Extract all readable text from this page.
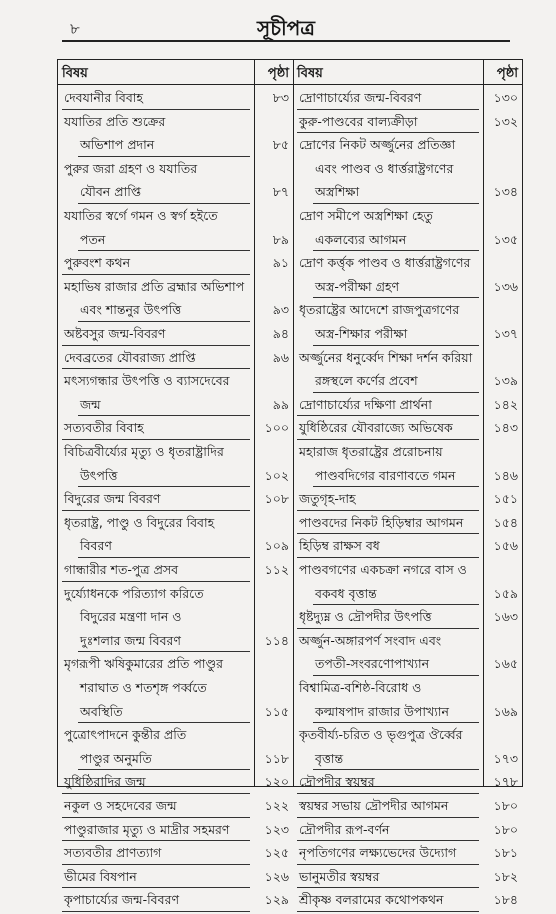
৮	সূচীপত্র
বিষয়	পৃষ্ঠা
দেবযানীর বিবাহ	৮৩
যযাতির প্রতি শুক্রের
অভিশাপ প্রদান	৮৫
পুরুর জরা গ্রহণ ও যযাতির
যৌবন প্রাপ্তি	৮৭
যযাতির স্বর্গে গমন ও স্বর্গ হইতে
পতন	৮৯
পুরুবংশ কথন	৯১
মহাভিষ রাজার প্রতি ব্রহ্মার অভিশাপ
এবং শান্তনুর উৎপত্তি	৯৩
অষ্টবসুর জন্ম-বিবরণ	৯৪
দেবব্রতের যৌবরাজ্য প্রাপ্তি	৯৬
মৎস্যগন্ধার উৎপত্তি ও ব্যাসদেবের
জন্ম	৯৯
সত্যবতীর বিবাহ	১০০
বিচিত্রবীর্য্যের মৃত্যু ও ধৃতরাষ্ট্রাদির
উৎপত্তি	১০২
বিদুরের জন্ম বিবরণ	১০৮
ধৃতরাষ্ট্র, পাণ্ডু ও বিদুরের বিবাহ
বিবরণ	১০৯
গান্ধারীর শত-পুত্র প্রসব	১১২
দুর্য্যোধনকে পরিত্যাগ করিতে
বিদুরের মন্ত্রণা দান ও
দুঃশলার জন্ম বিবরণ	১১৪
মৃগরূপী ঋষিকুমারের প্রতি পাণ্ডুর
শরাঘাত ও শতশৃঙ্গ পর্ব্বতে
অবস্থিতি	১১৫
পুত্রোৎপাদনে কুন্তীর প্রতি
পাণ্ডুর অনুমতি	১১৮
যুধিষ্ঠিরাদির জন্ম	১২০
নকুল ও সহদেবের জন্ম	১২২
পাণ্ডুরাজার মৃত্যু ও মাদ্রীর সহমরণ	১২৩
সত্যবতীর প্রাণত্যাগ	১২৫
ভীমের বিষপান	১২৬
কৃপাচার্য্যের জন্ম-বিবরণ	১২৯
বিষয়	পৃষ্ঠা
দ্রোণাচার্য্যের জন্ম-বিবরণ	১৩০
কুরু-পাণ্ডবের বাল্যক্রীড়া	১৩২
দ্রোণের নিকট অর্জ্জুনের প্রতিজ্ঞা
এবং পাণ্ডব ও ধার্ত্তরাষ্ট্রগণের
অস্ত্রশিক্ষা	১৩৪
দ্রোণ সমীপে অস্ত্রশিক্ষা হেতু
একলব্যের আগমন	১৩৫
দ্রোণ কর্ত্তৃক পাণ্ডব ও ধার্ত্তরাষ্ট্রগণের
অস্ত্র-পরীক্ষা গ্রহণ	১৩৬
ধৃতরাষ্ট্রের আদেশে রাজপুত্রগণের
অস্ত্র-শিক্ষার পরীক্ষা	১৩৭
অর্জ্জুনের ধনুর্ব্বেদ শিক্ষা দর্শন করিয়া
রঙ্গস্থলে কর্ণের প্রবেশ	১৩৯
দ্রোণাচার্য্যের দক্ষিণা প্রার্থনা	১৪২
যুধিষ্ঠিরের যৌবরাজ্যে অভিষেক	১৪৩
মহারাজ ধৃতরাষ্ট্রের প্ররোচনায়
পাণ্ডবদিগের বারণাবতে গমন	১৪৬
জতুগৃহ-দাহ	১৫১
পাণ্ডবদের নিকট হিড়িম্বার আগমন ১৫৪
হিড়িম্ব রাক্ষস বধ	১৫৬
পাণ্ডবগণের একচক্রা নগরে বাস ও
বকবধ বৃত্তান্ত	১৫৯
ধৃষ্টদ্যুম্ন ও দ্রৌপদীর উৎপত্তি	১৬৩
অর্জ্জুন-অঙ্গারপর্ণ সংবাদ এবং
তপতী-সংবরণোপাখ্যান	১৬৫
বিশ্বামিত্র-বশিষ্ঠ-বিরোধ ও
কল্মাষপাদ রাজার উপাখ্যান	১৬৯
কৃতবীর্য্য-চরিত ও ভৃগুপুত্র ঔর্ব্বের
বৃত্তান্ত	১৭৩
দ্রৌপদীর স্বয়ম্বর	১৭৮
স্বয়ম্বর সভায় দ্রৌপদীর আগমন	১৮০
দ্রৌপদীর রূপ-বর্ণন	১৮০
নৃপতিগণের লক্ষ্যভেদের উদ্যোগ	১৮১
ভানুমতীর স্বয়ম্বর	১৮২
শ্রীকৃষ্ণ বলরামের কথোপকথন	১৮৪
